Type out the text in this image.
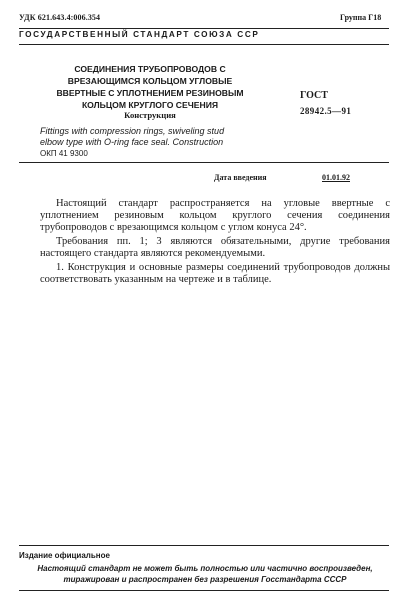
УДК 621.643.4:006.354	Группа Г18
ГОСУДАРСТВЕННЫЙ СТАНДАРТ СОЮЗА ССР
СОЕДИНЕНИЯ ТРУБОПРОВОДОВ С
ВРЕЗАЮЩИМСЯ КОЛЬЦОМ УГЛОВЫЕ
ВВЕРТНЫЕ С УПЛОТНЕНИЕМ РЕЗИНОВЫМ
КОЛЬЦОМ КРУГЛОГО СЕЧЕНИЯ
Конструкция
ГОСТ
28942.5—91
Fittings with compression rings, swiveling stud
elbow type with O-ring face seal. Construction
ОКП 41 9300
Дата введения	01.01.92
Настоящий стандарт распространяется на угловые ввертные с уплотнением резиновым кольцом круглого сечения соединения трубопроводов с врезающимся кольцом с углом конуса 24°.
Требования пп. 1; 3 являются обязательными, другие требования настоящего стандарта являются рекомендуемыми.
1. Конструкция и основные размеры соединений трубопроводов должны соответствовать указанным на чертеже и в таблице.
Издание официальное
Настоящий стандарт не может быть полностью или частично воспроизведен,
тиражирован и распространен без разрешения Госстандарта СССР
